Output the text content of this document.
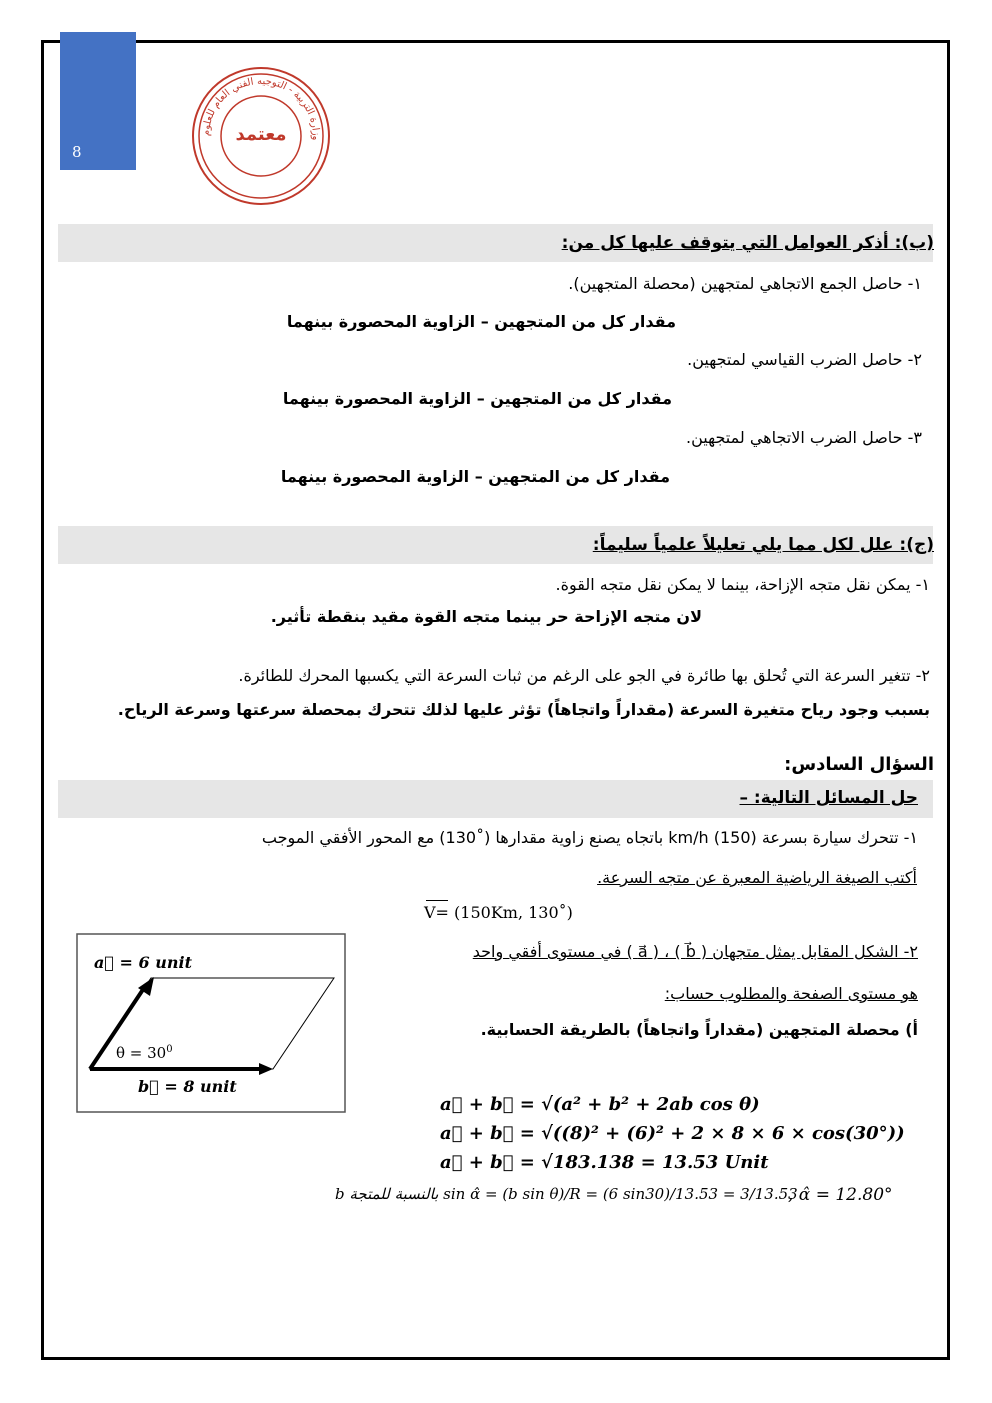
8
وزارة التربية - التوجيه الفني العام للعلوم
معتمد
(ب): أذكر العوامل التي يتوقف عليها كل من:
١- حاصل الجمع الاتجاهي لمتجهين (محصلة المتجهين).
مقدار كل من المتجهين – الزاوية المحصورة بينهما
٢- حاصل الضرب القياسي لمتجهين.
مقدار كل من المتجهين – الزاوية المحصورة بينهما
٣- حاصل الضرب الاتجاهي لمتجهين.
مقدار كل من المتجهين – الزاوية المحصورة بينهما
(ج): علل لكل مما يلي تعليلاً علمياً سليماً:
١- يمكن نقل متجه الإزاحة، بينما لا يمكن نقل متجه القوة.
لان متجه الإزاحة حر بينما متجه القوة مقيد بنقطة تأثير.
٢- تتغير السرعة التي تُحلق بها طائرة في الجو على الرغم من ثبات السرعة التي يكسبها المحرك للطائرة.
بسبب وجود رياح متغيرة السرعة (مقداراً واتجاهاً) تؤثر عليها لذلك تتحرك بمحصلة سرعتها وسرعة الرياح.
السؤال السادس:
حل المسائل التالية: –
١- تتحرك سيارة بسرعة km/h (150) باتجاه يصنع زاوية مقدارها (˚130) مع المحور الأفقي الموجب
أكتب الصيغة الرياضية المعبرة عن متجه السرعة.
V= (150Km, 130˚)
٢- الشكل المقابل يمثل متجهان ( b⃗ ) ، ( a⃗ ) في مستوى أفقي واحد
هو مستوى الصفحة والمطلوب حساب:
أ) محصلة المتجهين (مقداراً واتجاهاً) بالطريقة الحسابية.
a⃗ + b⃗ = √(a² + b² + 2ab cos θ)
a⃗ + b⃗ = √((8)² + (6)² + 2 × 8 × 6 × cos(30°))
a⃗ + b⃗ = √183.138 = 13.53 Unit
b بالنسبة للمتجة sin α̂ = (b sin θ)/R = (6 sin30)/13.53 = 3/13.53
, α̂ = 12.80°
a⃗ = 6 unit
$\theta = 30^0$
b⃗ = 8 unit
